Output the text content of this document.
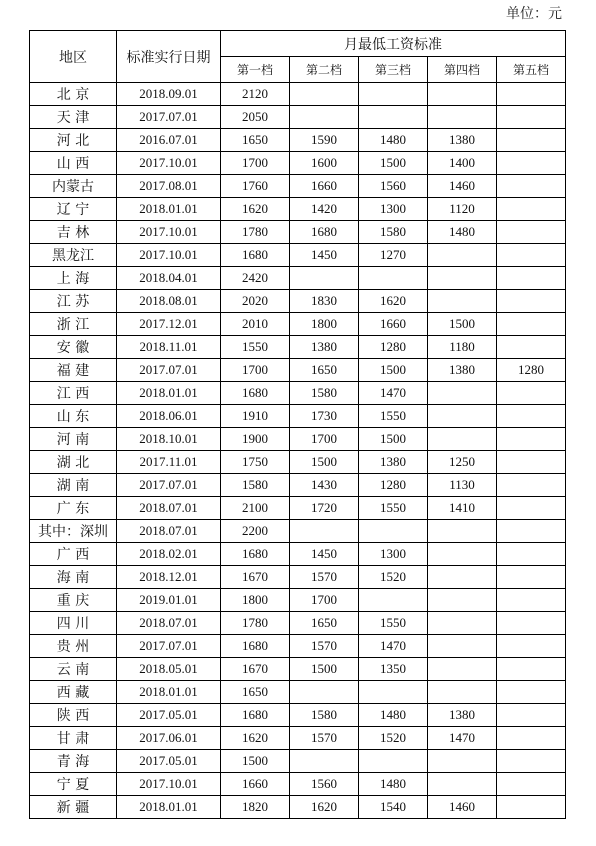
单位：元
地区	标准实行日期	月最低工资标准				
		第一档	第二档	第三档	第四档	第五档
北 京	2018.09.01	2120				
天 津	2017.07.01	2050				
河 北	2016.07.01	1650	1590	1480	1380	
山 西	2017.10.01	1700	1600	1500	1400	
内蒙古	2017.08.01	1760	1660	1560	1460	
辽 宁	2018.01.01	1620	1420	1300	1120	
吉 林	2017.10.01	1780	1680	1580	1480	
黑龙江	2017.10.01	1680	1450	1270		
上 海	2018.04.01	2420				
江 苏	2018.08.01	2020	1830	1620		
浙 江	2017.12.01	2010	1800	1660	1500	
安 徽	2018.11.01	1550	1380	1280	1180	
福 建	2017.07.01	1700	1650	1500	1380	1280
江 西	2018.01.01	1680	1580	1470		
山 东	2018.06.01	1910	1730	1550		
河 南	2018.10.01	1900	1700	1500		
湖 北	2017.11.01	1750	1500	1380	1250	
湖 南	2017.07.01	1580	1430	1280	1130	
广 东	2018.07.01	2100	1720	1550	1410	
其中：深圳	2018.07.01	2200				
广 西	2018.02.01	1680	1450	1300		
海 南	2018.12.01	1670	1570	1520		
重 庆	2019.01.01	1800	1700			
四 川	2018.07.01	1780	1650	1550		
贵 州	2017.07.01	1680	1570	1470		
云 南	2018.05.01	1670	1500	1350		
西 藏	2018.01.01	1650				
陕 西	2017.05.01	1680	1580	1480	1380	
甘 肃	2017.06.01	1620	1570	1520	1470	
青 海	2017.05.01	1500				
宁 夏	2017.10.01	1660	1560	1480		
新 疆	2018.01.01	1820	1620	1540	1460	
